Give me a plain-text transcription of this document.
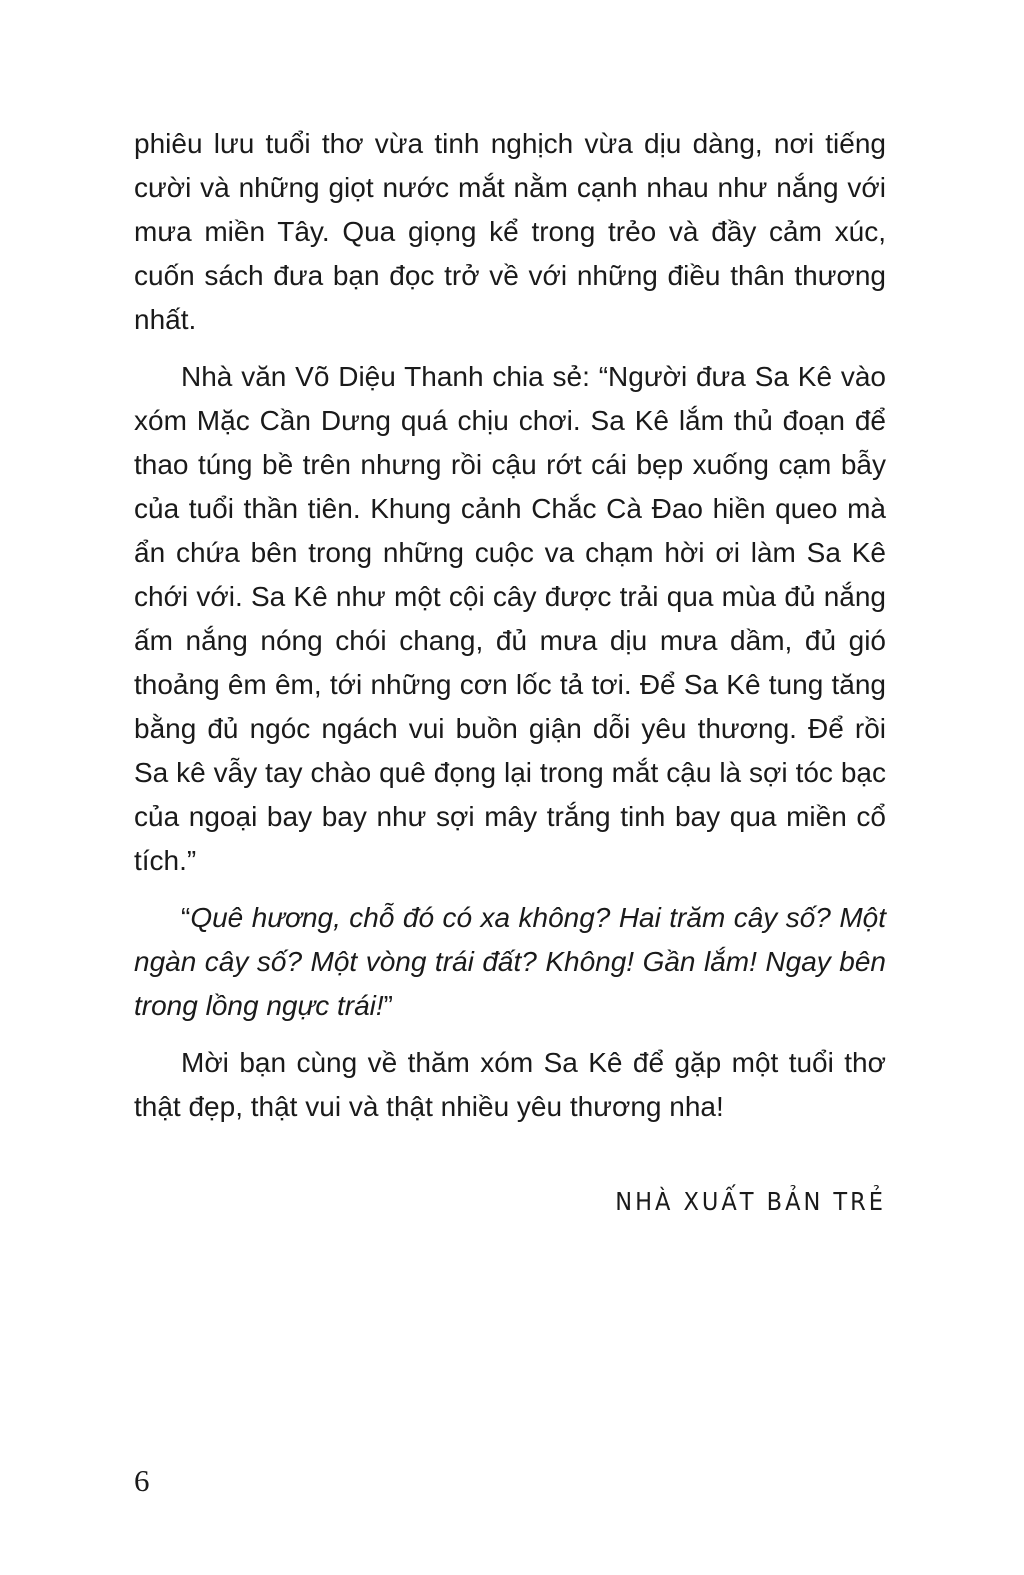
phiêu lưu tuổi thơ vừa tinh nghịch vừa dịu dàng, nơi tiếng cười và những giọt nước mắt nằm cạnh nhau như nắng với mưa miền Tây. Qua giọng kể trong trẻo và đầy cảm xúc, cuốn sách đưa bạn đọc trở về với những điều thân thương nhất.

Nhà văn Võ Diệu Thanh chia sẻ: “Người đưa Sa Kê vào xóm Mặc Cần Dưng quá chịu chơi. Sa Kê lắm thủ đoạn để thao túng bề trên nhưng rồi cậu rớt cái bẹp xuống cạm bẫy của tuổi thần tiên. Khung cảnh Chắc Cà Đao hiền queo mà ẩn chứa bên trong những cuộc va chạm hời ơi làm Sa Kê chới với. Sa Kê như một cội cây được trải qua mùa đủ nắng ấm nắng nóng chói chang, đủ mưa dịu mưa dầm, đủ gió thoảng êm êm, tới những cơn lốc tả tơi. Để Sa Kê tung tăng bằng đủ ngóc ngách vui buồn giận dỗi yêu thương. Để rồi Sa kê vẫy tay chào quê đọng lại trong mắt cậu là sợi tóc bạc của ngoại bay bay như sợi mây trắng tinh bay qua miền cổ tích.”

“Quê hương, chỗ đó có xa không? Hai trăm cây số? Một ngàn cây số? Một vòng trái đất? Không! Gần lắm! Ngay bên trong lồng ngực trái!”

Mời bạn cùng về thăm xóm Sa Kê để gặp một tuổi thơ thật đẹp, thật vui và thật nhiều yêu thương nha!

NHÀ XUẤT BẢN TRẺ
6
